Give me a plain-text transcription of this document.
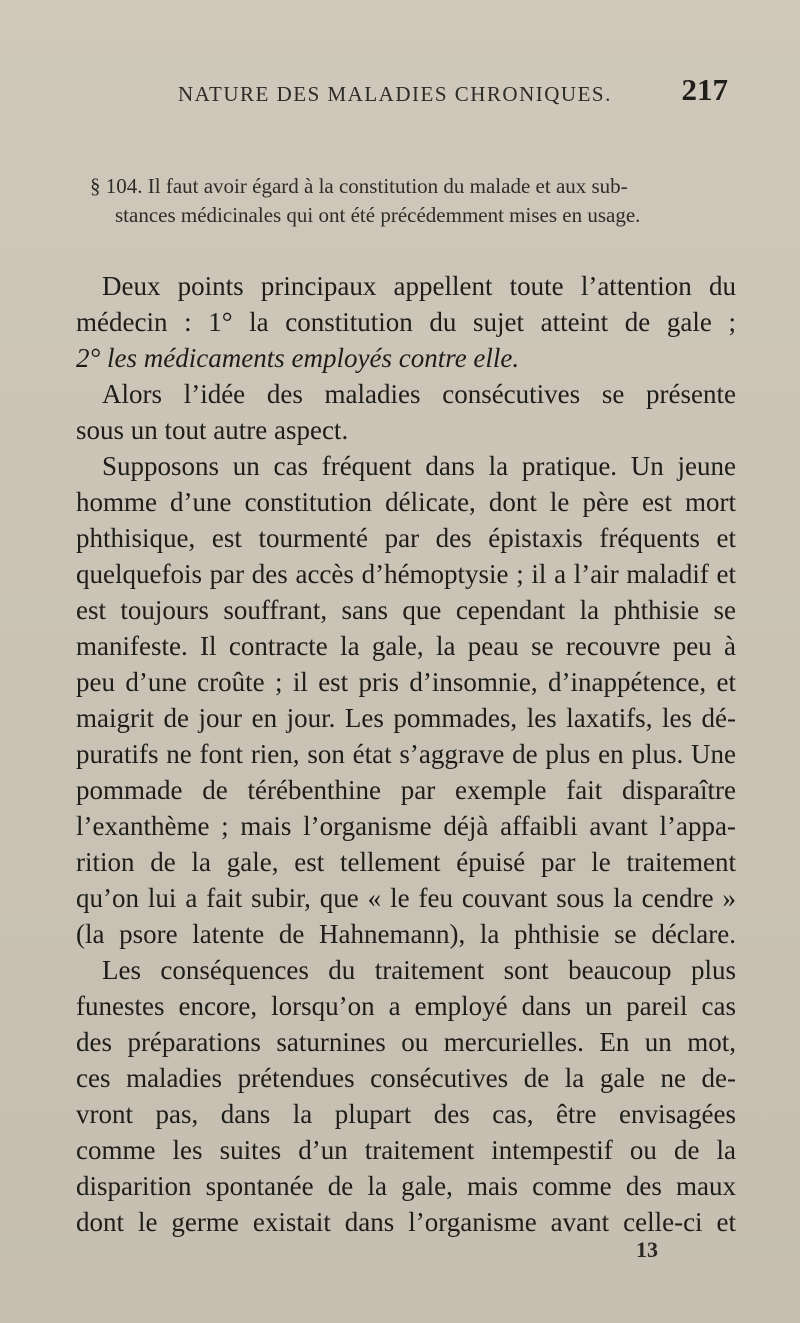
NATURE DES MALADIES CHRONIQUES. 217
§ 104. Il faut avoir égard à la constitution du malade et aux sub-
stances médicinales qui ont été précédemment mises en usage.
Deux points principaux appellent toute l’attention du
médecin : 1° la constitution du sujet atteint de gale ;
2° les médicaments employés contre elle.
Alors l’idée des maladies consécutives se présente
sous un tout autre aspect.
Supposons un cas fréquent dans la pratique. Un jeune
homme d’une constitution délicate, dont le père est mort
phthisique, est tourmenté par des épistaxis fréquents et
quelquefois par des accès d’hémoptysie ; il a l’air maladif et
est toujours souffrant, sans que cependant la phthisie se
manifeste. Il contracte la gale, la peau se recouvre peu à
peu d’une croûte ; il est pris d’insomnie, d’inappétence, et
maigrit de jour en jour. Les pommades, les laxatifs, les dé-
puratifs ne font rien, son état s’aggrave de plus en plus. Une
pommade de térébenthine par exemple fait disparaître
l’exanthème ; mais l’organisme déjà affaibli avant l’appa-
rition de la gale, est tellement épuisé par le traitement
qu’on lui a fait subir, que « le feu couvant sous la cendre »
(la psore latente de Hahnemann), la phthisie se déclare.
Les conséquences du traitement sont beaucoup plus
funestes encore, lorsqu’on a employé dans un pareil cas
des préparations saturnines ou mercurielles. En un mot,
ces maladies prétendues consécutives de la gale ne de-
vront pas, dans la plupart des cas, être envisagées
comme les suites d’un traitement intempestif ou de la
disparition spontanée de la gale, mais comme des maux
dont le germe existait dans l’organisme avant celle-ci et
13
